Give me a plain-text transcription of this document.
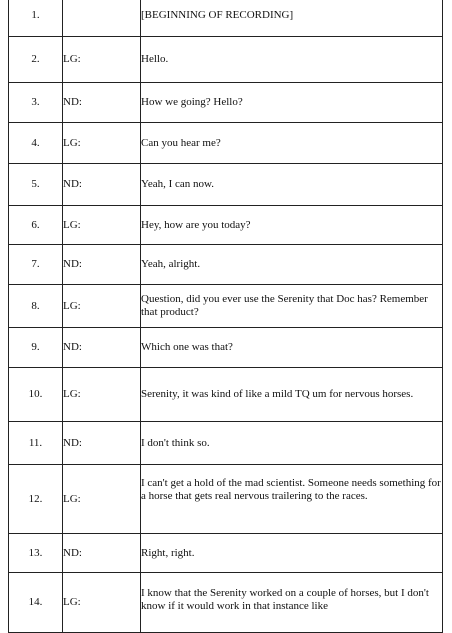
1.		[BEGINNING OF RECORDING]
2.	LG:	Hello.
3.	ND:	How we going? Hello?
4.	LG:	Can you hear me?
5.	ND:	Yeah, I can now.
6.	LG:	Hey, how are you today?
7.	ND:	Yeah, alright.
8.	LG:	Question, did you ever use the Serenity that Doc has? Remember that product?
9.	ND:	Which one was that?
10.	LG:	Serenity, it was kind of like a mild TQ um for nervous horses.
11.	ND:	I don't think so.
12.	LG:	I can't get a hold of the mad scientist. Someone needs something for a horse that gets real nervous trailering to the races.
13.	ND:	Right, right.
14.	LG:	I know that the Serenity worked on a couple of horses, but I don't know if it would work in that instance like
